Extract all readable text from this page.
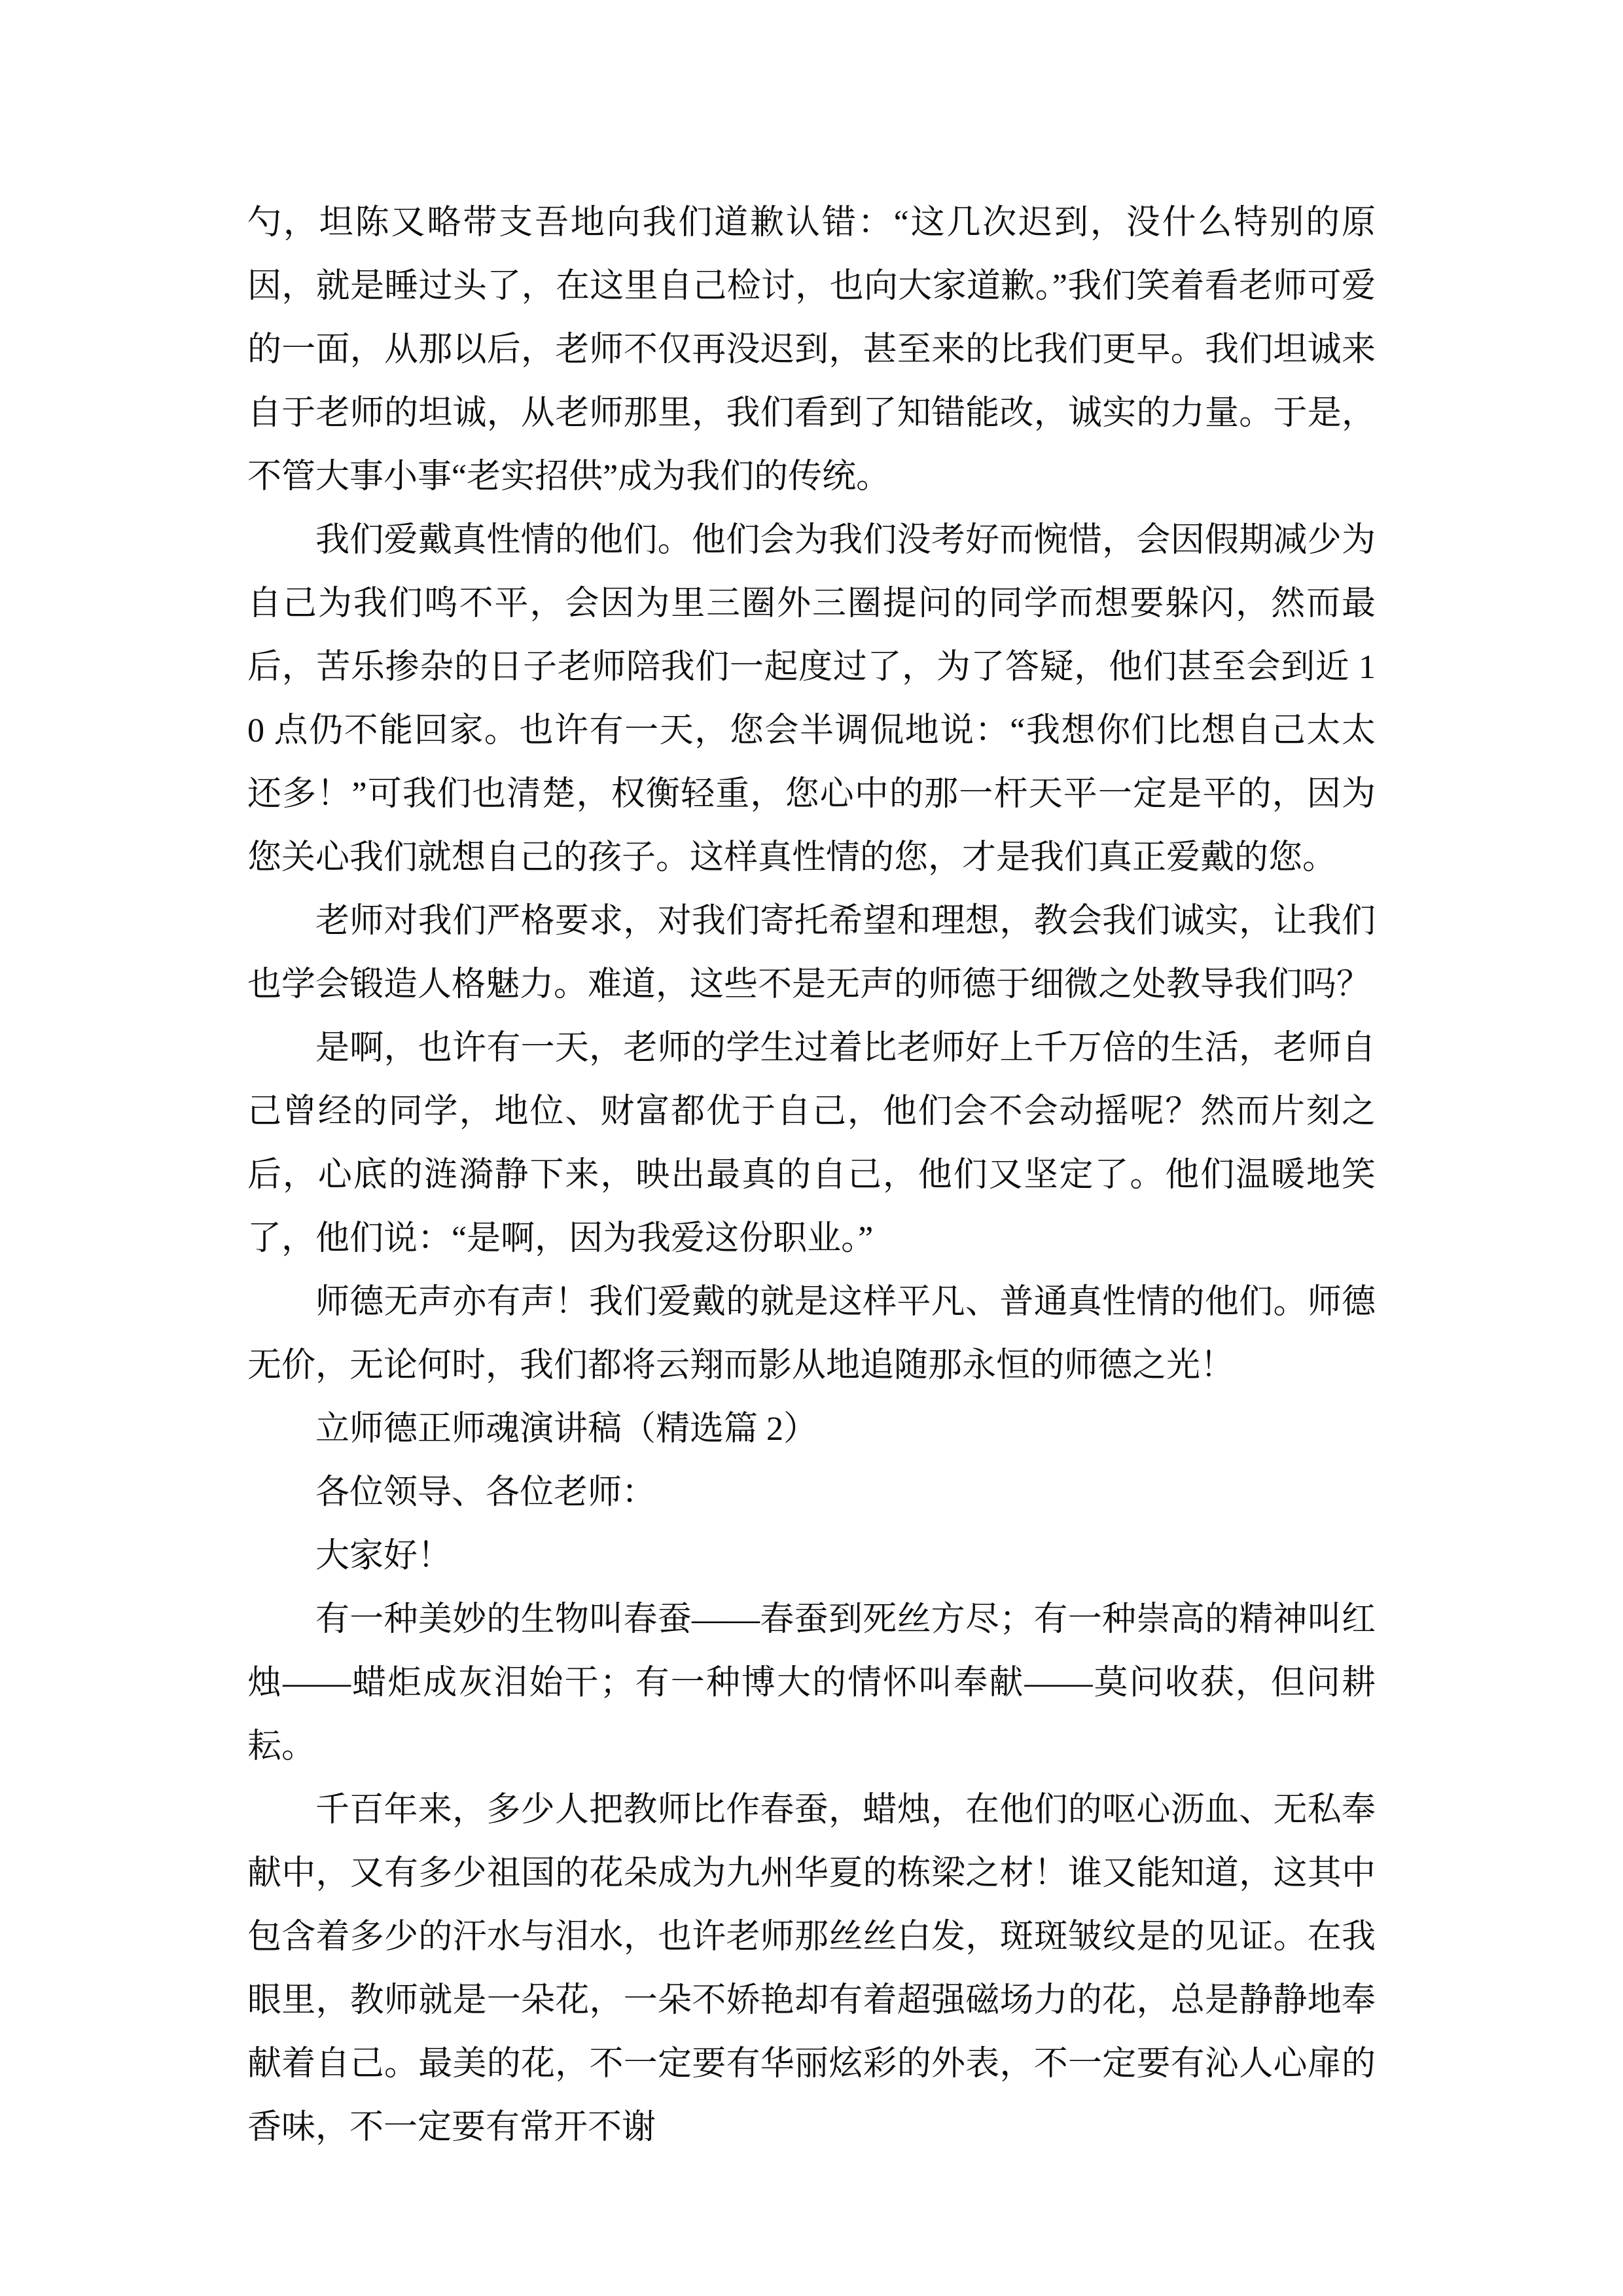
勺，坦陈又略带支吾地向我们道歉认错：“这几次迟到，没什么特别的原因，就是睡过头了，在这里自己检讨，也向大家道歉。”我们笑着看老师可爱的一面，从那以后，老师不仅再没迟到，甚至来的比我们更早。我们坦诚来自于老师的坦诚，从老师那里，我们看到了知错能改，诚实的力量。于是，不管大事小事“老实招供”成为我们的传统。

我们爱戴真性情的他们。他们会为我们没考好而惋惜，会因假期减少为自己为我们鸣不平，会因为里三圈外三圈提问的同学而想要躲闪，然而最后，苦乐掺杂的日子老师陪我们一起度过了，为了答疑，他们甚至会到近 10 点仍不能回家。也许有一天，您会半调侃地说：“我想你们比想自己太太还多！”可我们也清楚，权衡轻重，您心中的那一杆天平一定是平的，因为您关心我们就想自己的孩子。这样真性情的您，才是我们真正爱戴的您。

老师对我们严格要求，对我们寄托希望和理想，教会我们诚实，让我们也学会锻造人格魅力。难道，这些不是无声的师德于细微之处教导我们吗？

是啊，也许有一天，老师的学生过着比老师好上千万倍的生活，老师自己曾经的同学，地位、财富都优于自己，他们会不会动摇呢？然而片刻之后，心底的涟漪静下来，映出最真的自己，他们又坚定了。他们温暖地笑了，他们说：“是啊，因为我爱这份职业。”

师德无声亦有声！我们爱戴的就是这样平凡、普通真性情的他们。师德无价，无论何时，我们都将云翔而影从地追随那永恒的师德之光！

立师德正师魂演讲稿（精选篇 2）

各位领导、各位老师：

大家好！

有一种美妙的生物叫春蚕——春蚕到死丝方尽；有一种崇高的精神叫红烛——蜡炬成灰泪始干；有一种博大的情怀叫奉献——莫问收获，但问耕耘。

千百年来，多少人把教师比作春蚕，蜡烛，在他们的呕心沥血、无私奉献中，又有多少祖国的花朵成为九州华夏的栋梁之材！谁又能知道，这其中包含着多少的汗水与泪水，也许老师那丝丝白发，斑斑皱纹是的见证。在我眼里，教师就是一朵花，一朵不娇艳却有着超强磁场力的花，总是静静地奉献着自己。最美的花，不一定要有华丽炫彩的外表，不一定要有沁人心扉的香味，不一定要有常开不谢
